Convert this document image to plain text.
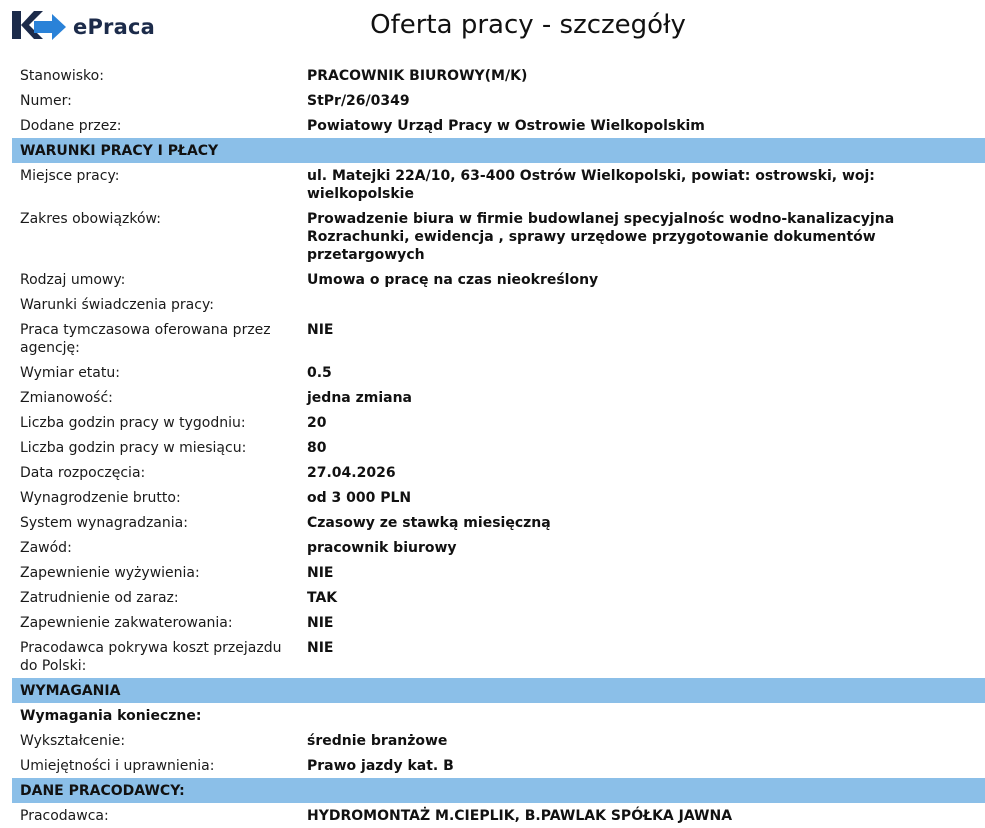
ePraca	Oferta pracy - szczegóły
Stanowisko:	PRACOWNIK BIUROWY(M/K)
Numer:	StPr/26/0349
Dodane przez:	Powiatowy Urząd Pracy w Ostrowie Wielkopolskim
WARUNKI PRACY I PŁACY	
Miejsce pracy:	ul. Matejki 22A/10, 63-400 Ostrów Wielkopolski, powiat: ostrowski, woj: wielkopolskie
Zakres obowiązków:	Prowadzenie biura w firmie budowlanej specyjalnośc wodno-kanalizacyjna Rozrachunki, ewidencja , sprawy urzędowe przygotowanie dokumentów przetargowych
Rodzaj umowy:	Umowa o pracę na czas nieokreślony
Warunki świadczenia pracy:	
Praca tymczasowa oferowana przez agencję:	NIE
Wymiar etatu:	0.5
Zmianowość:	jedna zmiana
Liczba godzin pracy w tygodniu:	20
Liczba godzin pracy w miesiącu:	80
Data rozpoczęcia:	27.04.2026
Wynagrodzenie brutto:	od 3 000 PLN
System wynagradzania:	Czasowy ze stawką miesięczną
Zawód:	pracownik biurowy
Zapewnienie wyżywienia:	NIE
Zatrudnienie od zaraz:	TAK
Zapewnienie zakwaterowania:	NIE
Pracodawca pokrywa koszt przejazdu do Polski:	NIE
WYMAGANIA	
Wymagania konieczne:	
Wykształcenie:	średnie branżowe
Umiejętności i uprawnienia:	Prawo jazdy kat. B
DANE PRACODAWCY:	
Pracodawca:	HYDROMONTAŻ M.CIEPLIK, B.PAWLAK SPÓŁKA JAWNA
